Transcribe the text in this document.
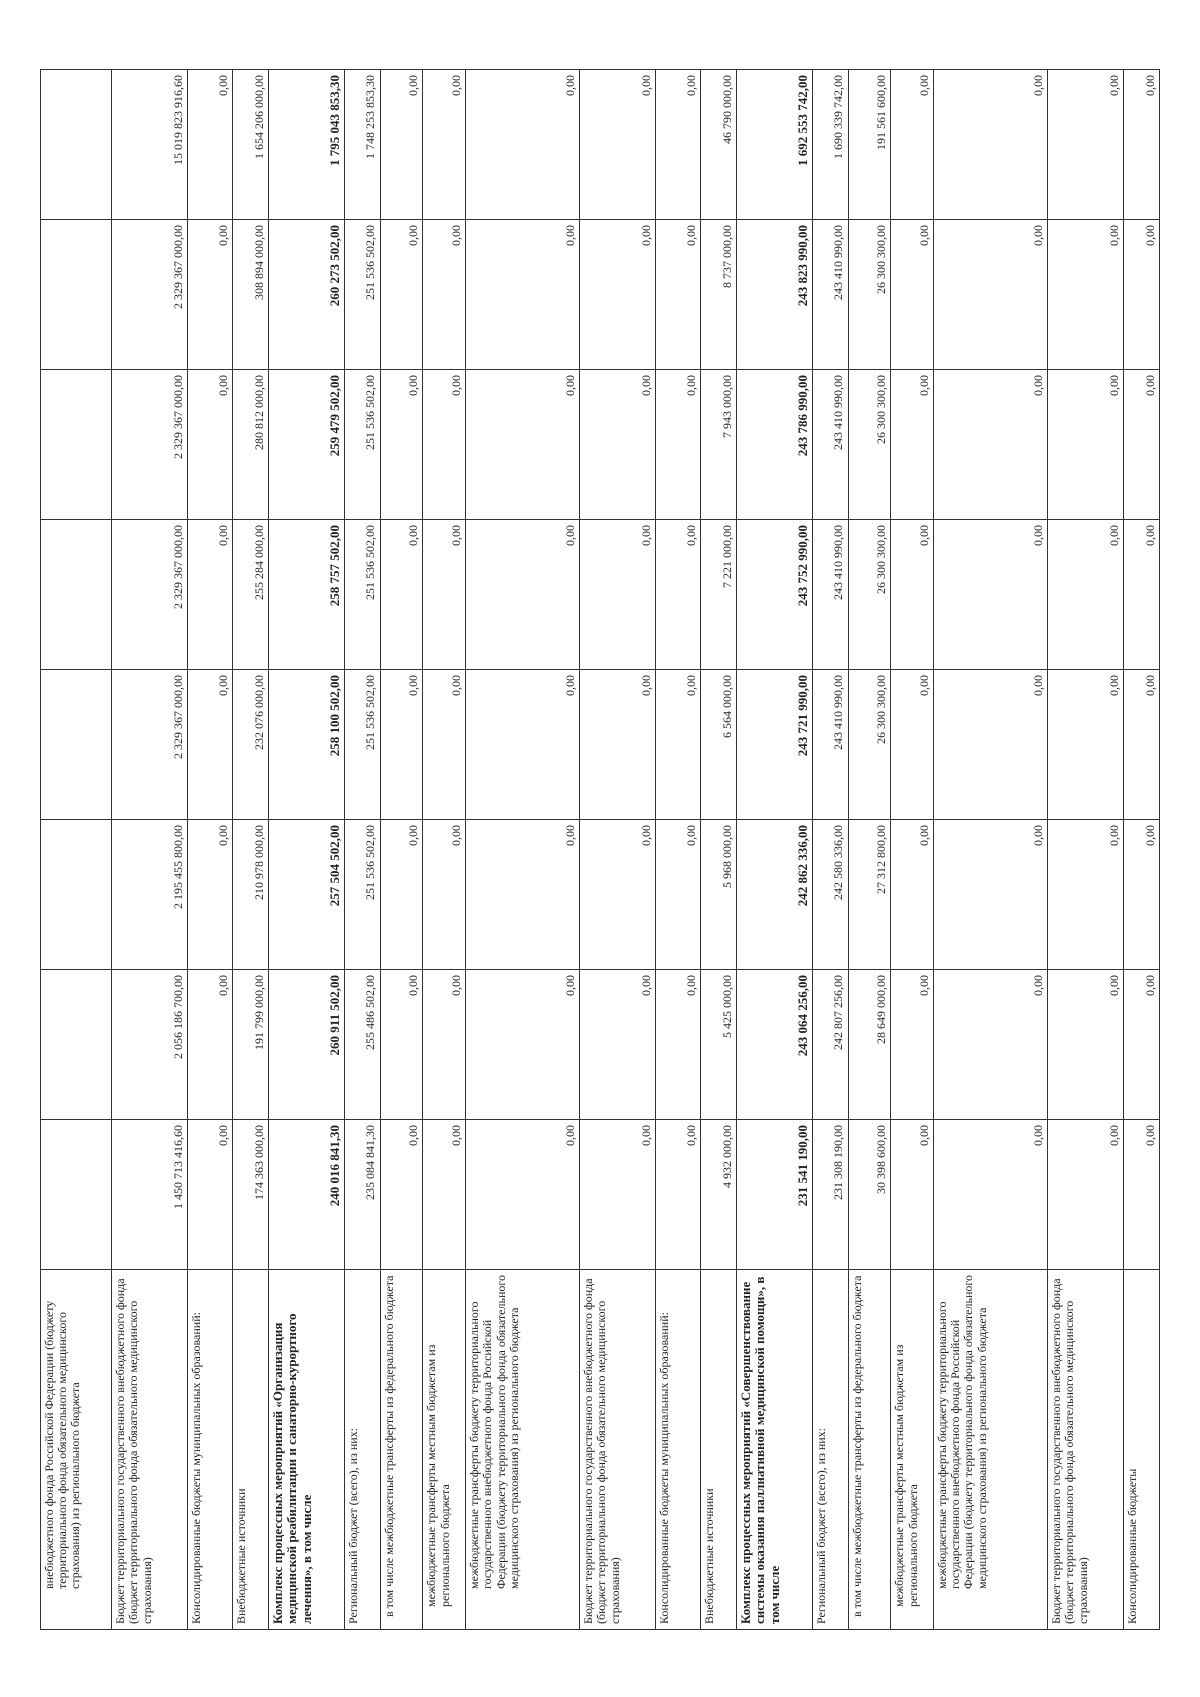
внебюджетного фонда Российской Федерации (бюджету территориального фонда обязательного медицинского страхования) из регионального бюджета								
Бюджет территориального государственного внебюджетного фонда (бюджет территориального фонда обязательного медицинского страхования)	1 450 713 416,60	2 056 186 700,00	2 195 455 800,00	2 329 367 000,00	2 329 367 000,00	2 329 367 000,00	2 329 367 000,00	15 019 823 916,60
Консолидированные бюджеты муниципальных образований:	0,00	0,00	0,00	0,00	0,00	0,00	0,00	0,00
Внебюджетные источники	174 363 000,00	191 799 000,00	210 978 000,00	232 076 000,00	255 284 000,00	280 812 000,00	308 894 000,00	1 654 206 000,00
Комплекс процессных мероприятий «Организация медицинской реабилитации и санаторно-курортного лечения», в том числе	240 016 841,30	260 911 502,00	257 504 502,00	258 100 502,00	258 757 502,00	259 479 502,00	260 273 502,00	1 795 043 853,30
Региональный бюджет (всего), из них:	235 084 841,30	255 486 502,00	251 536 502,00	251 536 502,00	251 536 502,00	251 536 502,00	251 536 502,00	1 748 253 853,30
в том числе межбюджетные трансферты из федерального бюджета	0,00	0,00	0,00	0,00	0,00	0,00	0,00	0,00
межбюджетные трансферты местным бюджетам из регионального бюджета	0,00	0,00	0,00	0,00	0,00	0,00	0,00	0,00
межбюджетные трансферты бюджету территориального государственного внебюджетного фонда Российской Федерации (бюджету территориального фонда обязательного медицинского страхования) из регионального бюджета	0,00	0,00	0,00	0,00	0,00	0,00	0,00	0,00
Бюджет территориального государственного внебюджетного фонда (бюджет территориального фонда обязательного медицинского страхования)	0,00	0,00	0,00	0,00	0,00	0,00	0,00	0,00
Консолидированные бюджеты муниципальных образований:	0,00	0,00	0,00	0,00	0,00	0,00	0,00	0,00
Внебюджетные источники	4 932 000,00	5 425 000,00	5 968 000,00	6 564 000,00	7 221 000,00	7 943 000,00	8 737 000,00	46 790 000,00
Комплекс процессных мероприятий «Совершенствование системы оказания паллиативной медицинской помощи», в том числе	231 541 190,00	243 064 256,00	242 862 336,00	243 721 990,00	243 752 990,00	243 786 990,00	243 823 990,00	1 692 553 742,00
Региональный бюджет (всего), из них:	231 308 190,00	242 807 256,00	242 580 336,00	243 410 990,00	243 410 990,00	243 410 990,00	243 410 990,00	1 690 339 742,00
в том числе межбюджетные трансферты из федерального бюджета	30 398 600,00	28 649 000,00	27 312 800,00	26 300 300,00	26 300 300,00	26 300 300,00	26 300 300,00	191 561 600,00
межбюджетные трансферты местным бюджетам из регионального бюджета	0,00	0,00	0,00	0,00	0,00	0,00	0,00	0,00
межбюджетные трансферты бюджету территориального государственного внебюджетного фонда Российской Федерации (бюджету территориального фонда обязательного медицинского страхования) из регионального бюджета	0,00	0,00	0,00	0,00	0,00	0,00	0,00	0,00
Бюджет территориального государственного внебюджетного фонда (бюджет территориального фонда обязательного медицинского страхования)	0,00	0,00	0,00	0,00	0,00	0,00	0,00	0,00
Консолидированные бюджеты	0,00	0,00	0,00	0,00	0,00	0,00	0,00	0,00
